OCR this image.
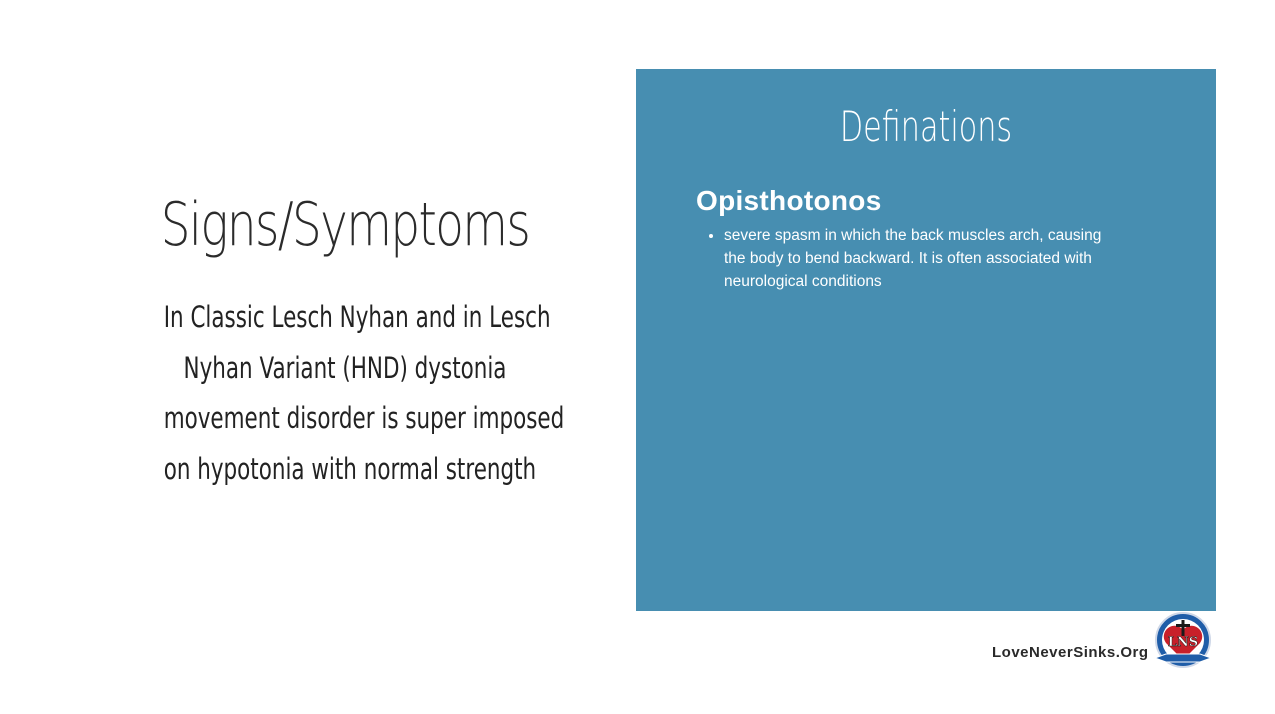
Signs/Symptoms
In Classic Lesch Nyhan and in Lesch
Nyhan Variant (HND) dystonia
movement disorder is super imposed
on hypotonia with normal strength
Definations
Opisthotonos
• severe spasm in which the back muscles arch, causing the body to bend backward. It is often associated with neurological conditions
LoveNeverSinks.Org
LNS
